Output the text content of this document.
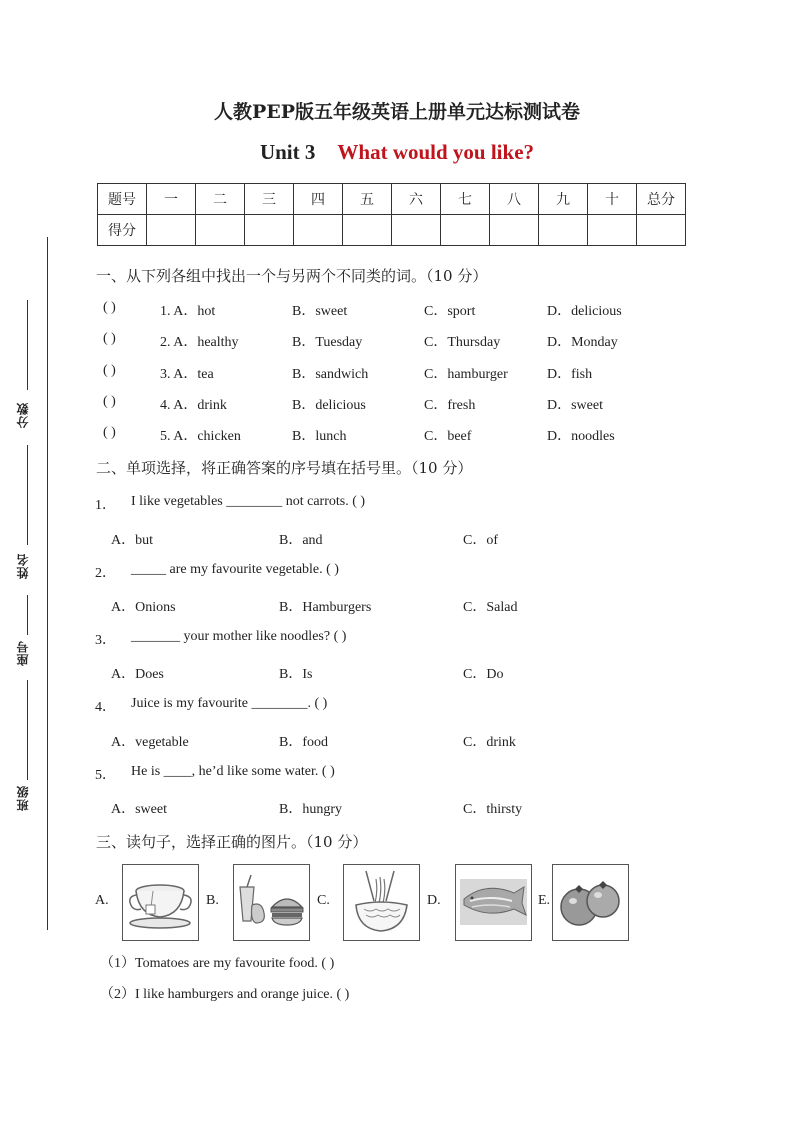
分数
姓名
座号
班级
人教PEP版五年级英语上册单元达标测试卷
Unit 3 What would you like?
题号	一	二	三	四	五	六	七	八	九	十	总分
得分											
一、从下列各组中找出一个与另两个不同类的词。（10 分）
( )	1. A．hot	B．sweet	C．sport	D．delicious
( )	2. A．healthy	B．Tuesday	C．Thursday	D．Monday
( )	3. A．tea	B．sandwich	C．hamburger	D．fish
( )	4. A．drink	B．delicious	C．fresh	D．sweet
( )	5. A．chicken	B．lunch	C．beef	D．noodles
二、单项选择，将正确答案的序号填在括号里。（10 分）
1． I like vegetables ________ not carrots. ( )
A．but	B．and	C．of
2． _____ are my favourite vegetable. ( )
A．Onions	B．Hamburgers	C．Salad
3． _______ your mother like noodles? ( )
A．Does	B．Is	C．Do
4． Juice is my favourite ________. ( )
A．vegetable	B．food	C．drink
5． He is ____, he’d like some water. ( )
A．sweet	B．hungry	C．thirsty
三、读句子，选择正确的图片。（10 分）
A.	B.	C.	D.	E.
（1）Tomatoes are my favourite food. ( )
（2）I like hamburgers and orange juice. ( )
